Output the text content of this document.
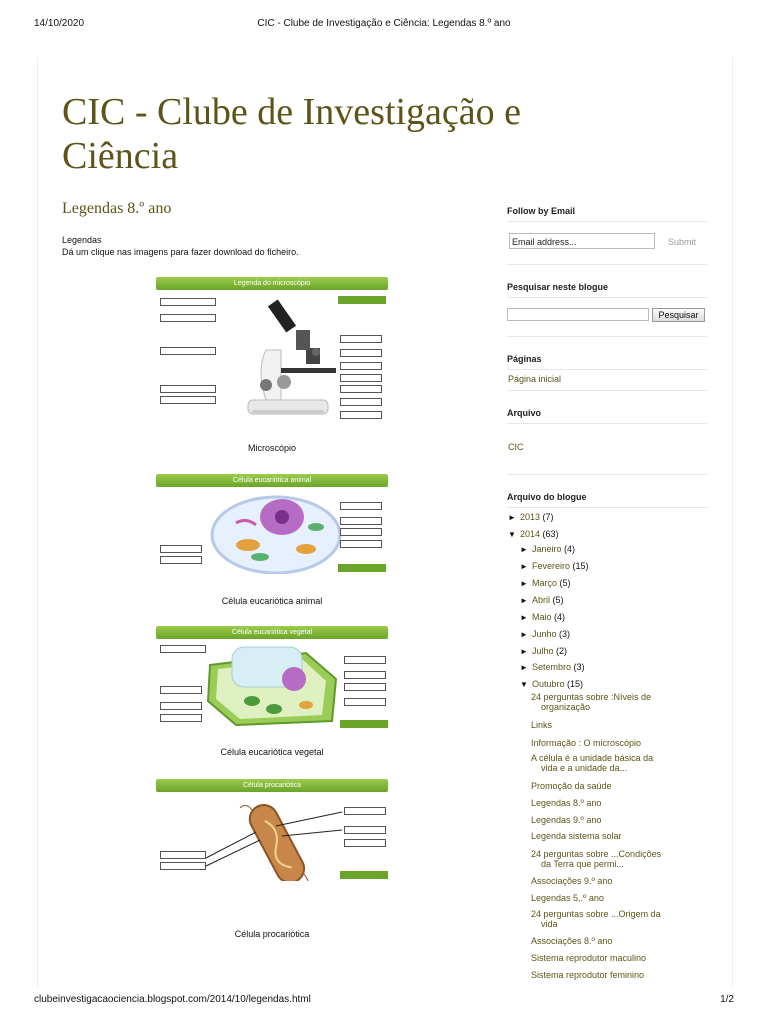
14/10/2020	CIC - Clube de Investigação e Ciência: Legendas 8.º ano
clubeinvestigacaociencia.blogspot.com/2014/10/legendas.html	1/2
CIC - Clube de Investigação e
Ciência
Legendas 8.º ano
Legendas
Dá um clique nas imagens para fazer download do ficheiro.
Legenda do microscópio
Microscópio
Célula eucariótica animal
Célula eucariótica animal
Célula eucariótica vegetal
Célula eucariótica vegetal
Célula procariótica
Célula procariótica
Follow by Email
Email address...	Submit
Pesquisar neste blogue
Pesquisar
Páginas
Página inicial
Arquivo
CIC
Arquivo do blogue
► 2013 (7)
▼ 2014 (63)
► Janeiro (4)
► Fevereiro (15)
► Março (5)
► Abril (5)
► Maio (4)
► Junho (3)
► Julho (2)
► Setembro (3)
▼ Outubro (15)
24 perguntas sobre :Níveis de
organização
Links
Informação : O microscópio
A célula é a unidade básica da
vida e a unidade da...
Promoção da saúde
Legendas 8.º ano
Legendas 9.º ano
Legenda sistema solar
24 perguntas sobre ...Condições
da Terra que permi...
Associações 9.º ano
Legendas 5,.º ano
24 perguntas sobre ...Origem da
vida
Associações 8.º ano
Sistema reprodutor maculino
Sistema reprodutor feminino
